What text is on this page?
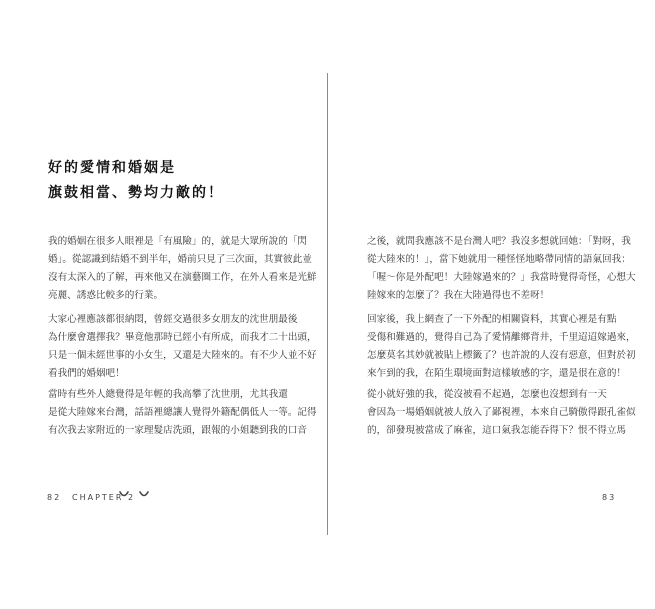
好的愛情和婚姻是
旗鼓相當、勢均力敵的！

我的婚姻在很多人眼裡是「有風險」的，就是大眾所說的「閃
婚」。從認識到結婚不到半年，婚前只見了三次面，其實彼此並
沒有太深入的了解，再來他又在演藝圈工作，在外人看來是光鮮
亮麗、誘惑比較多的行業。

大家心裡應該都很納悶，曾經交過很多女朋友的沈世朋最後
為什麼會選擇我？畢竟他那時已經小有所成，而我才二十出頭，
只是一個未經世事的小女生，又還是大陸來的。有不少人並不好
看我們的婚姻吧！

當時有些外人總覺得是年輕的我高攀了沈世朋，尤其我還
是從大陸嫁來台灣，話語裡總讓人覺得外籍配偶低人一等。記得
有次我去家附近的一家理髮店洗頭，跟報的小姐聽到我的口音

82 CHAPTER 2

之後，就問我應該不是台灣人吧？我沒多想就回她：「對呀，我
從大陸來的！」，當下她就用一種怪怪地略帶同情的語氣回我：
「喔～你是外配吧！大陸嫁過來的？」我當時覺得奇怪，心想大
陸嫁來的怎麼了？我在大陸過得也不差呀！

回家後，我上網查了一下外配的相關資料，其實心裡是有點
受傷和難過的，覺得自己為了愛情離鄉背井，千里迢迢嫁過來，
怎麼莫名其妙就被貼上標籤了？也許說的人沒有惡意，但對於初
來乍到的我，在陌生環境面對這樣敏感的字，還是很在意的！

從小就好強的我，從沒被看不起過，怎麼也沒想到有一天
會因為一場婚姻就被人放入了鄙視裡，本來自己騎傲得跟孔雀似
的，卻發現被當成了麻雀，這口氣我怎能吞得下？恨不得立馬

83
